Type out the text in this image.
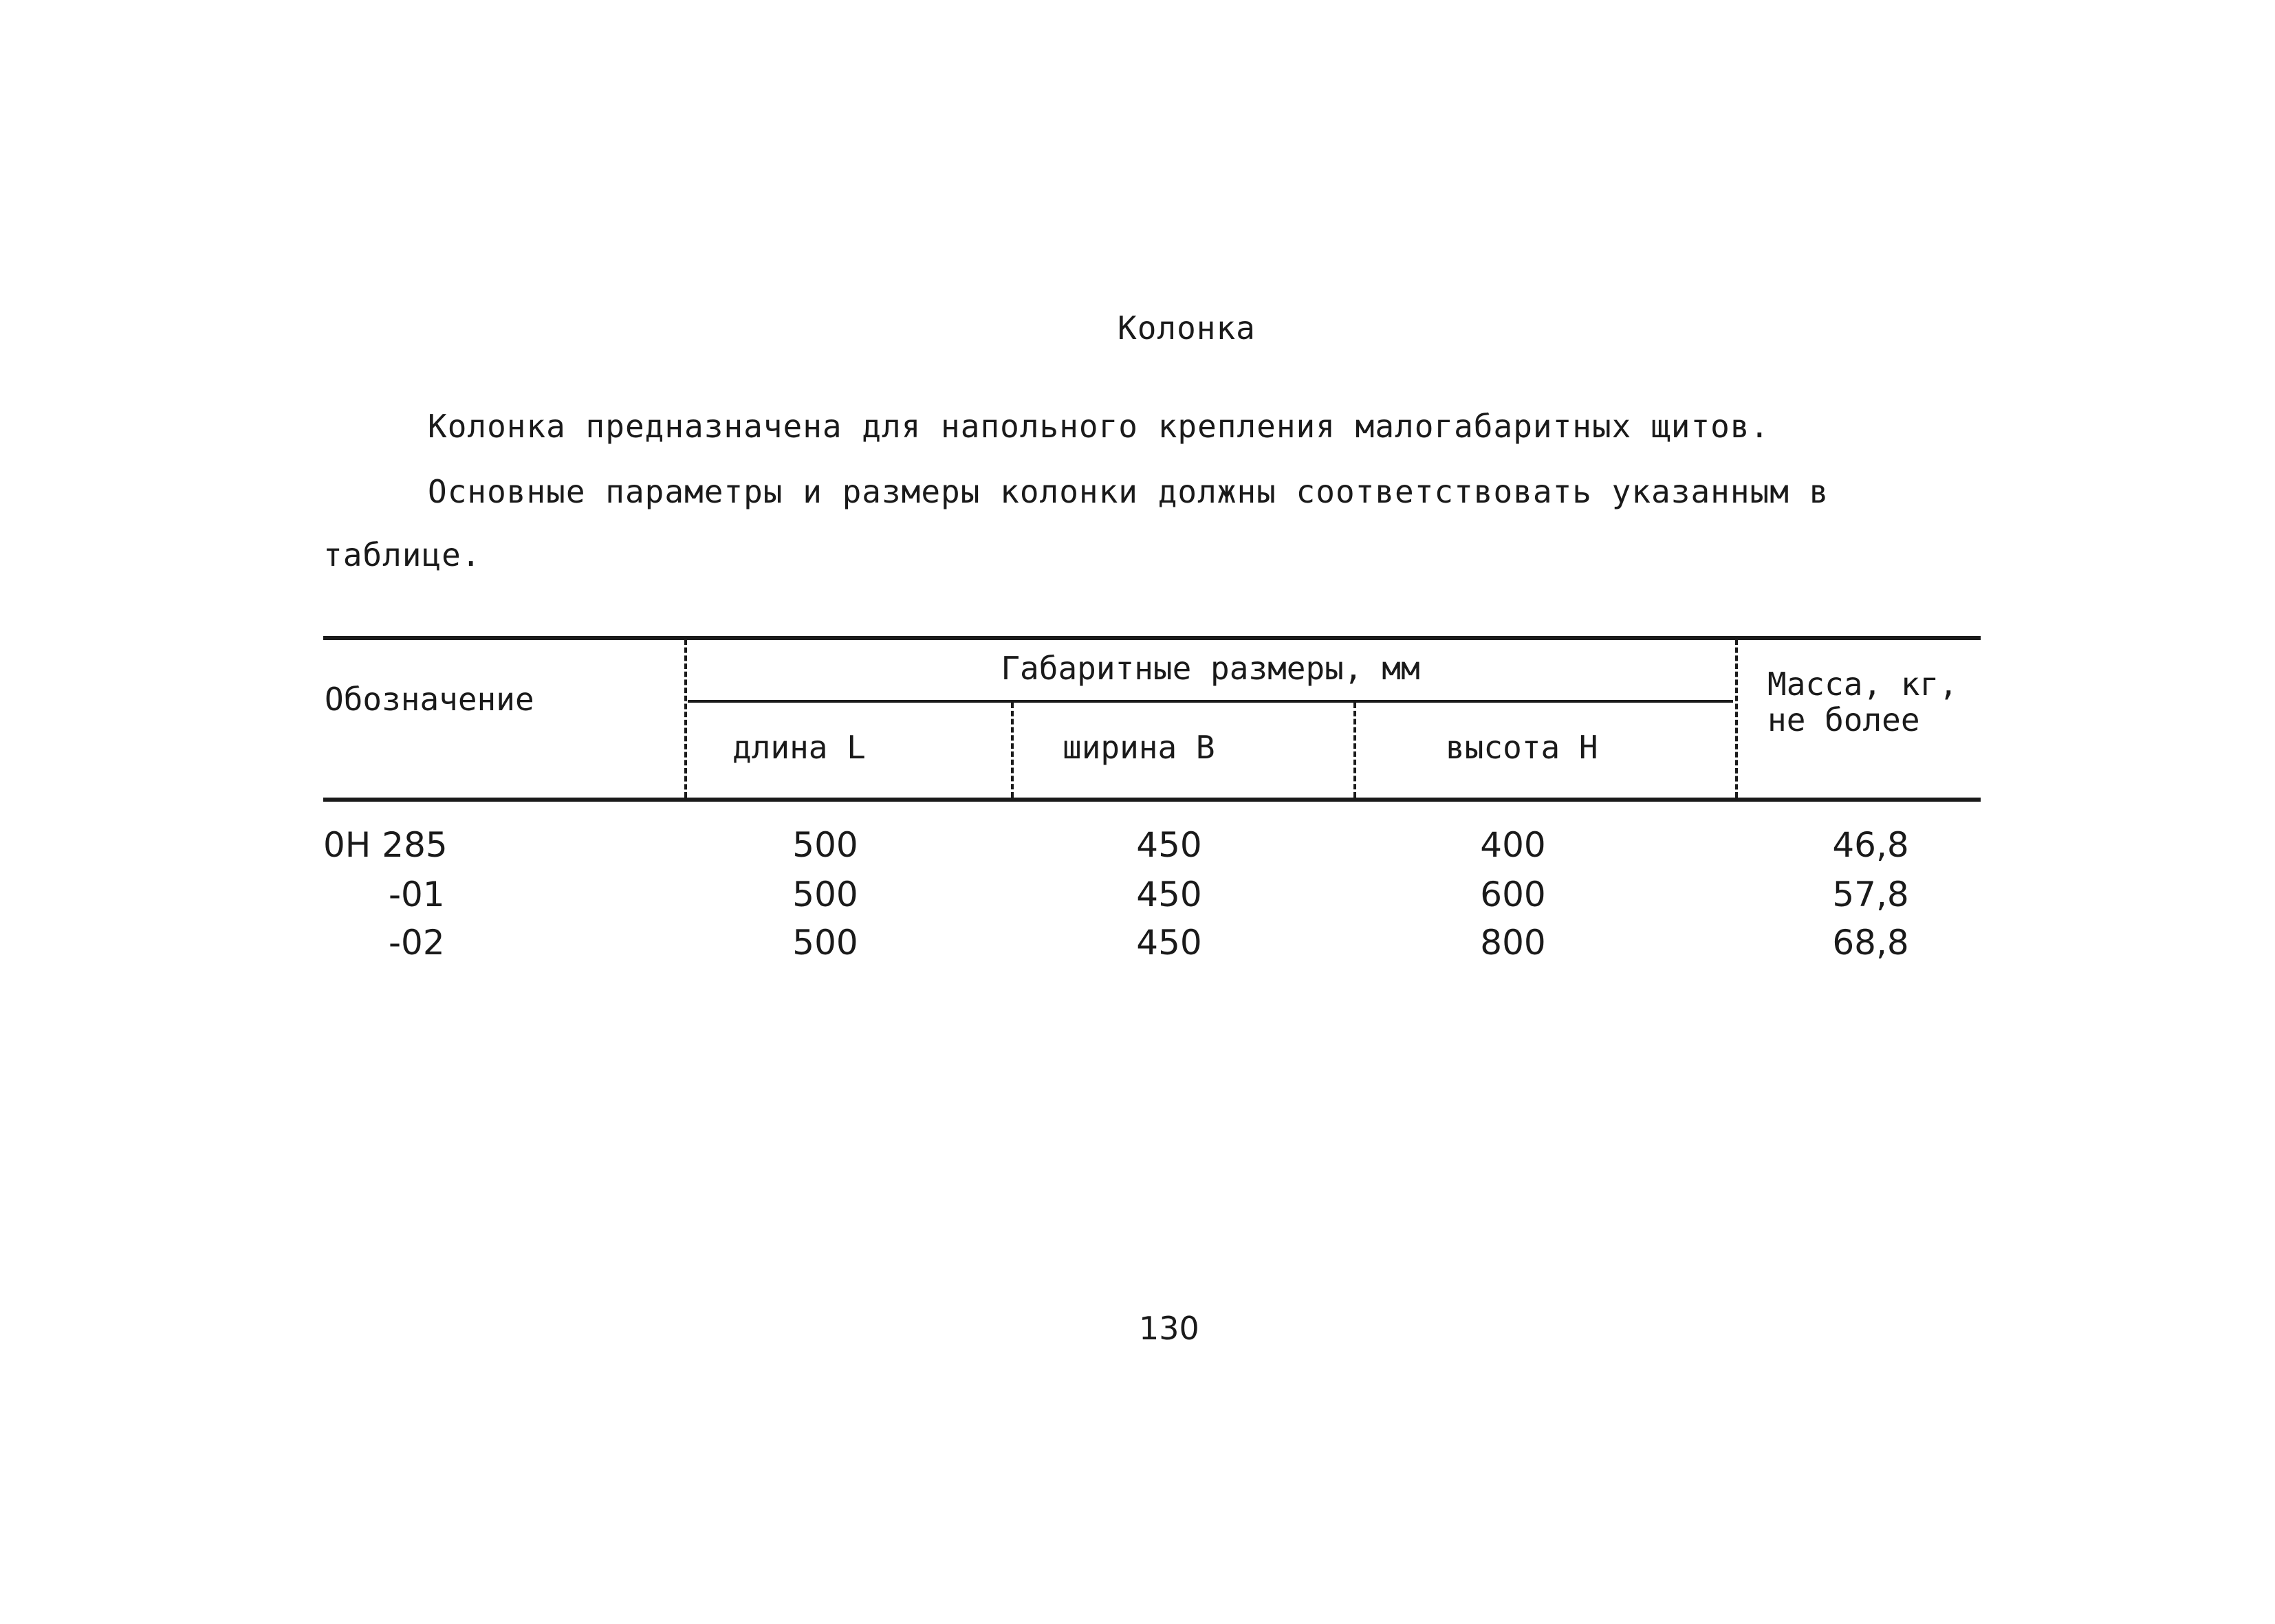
Колонка
Колонка предназначена для напольного крепления малогабаритных щитов.
Основные параметры и размеры колонки должны соответствовать указанным в
таблице.
Обозначение
Габаритные размеры, мм
длина L	ширина B	высота H
Масса, кг,
не более
0Н 285	500	450	400	46,8
-01	500	450	600	57,8
-02	500	450	800	68,8
130
